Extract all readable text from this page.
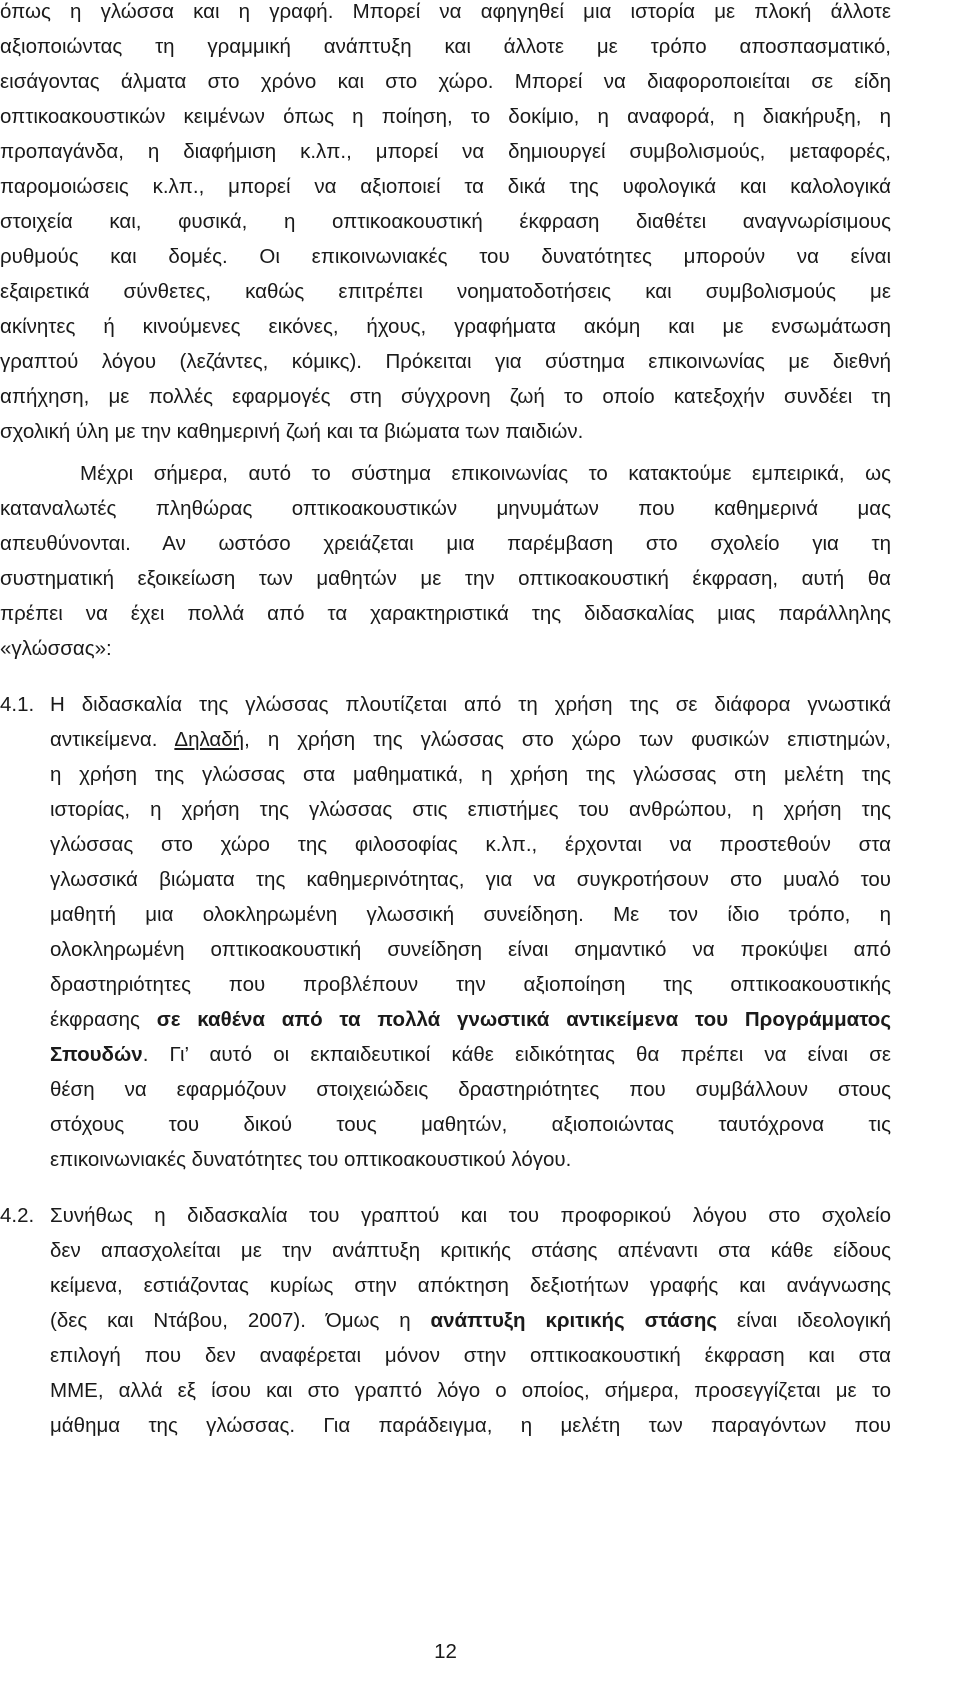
όπως η γλώσσα και η γραφή. Μπορεί να αφηγηθεί μια ιστορία με πλοκή άλλοτε
αξιοποιώντας τη γραμμική ανάπτυξη και άλλοτε με τρόπο αποσπασματικό,
εισάγοντας άλματα στο χρόνο και στο χώρο. Μπορεί να διαφοροποιείται σε είδη
οπτικοακουστικών κειμένων όπως η ποίηση, το δοκίμιο, η αναφορά, η διακήρυξη, η
προπαγάνδα, η διαφήμιση κ.λπ., μπορεί να δημιουργεί συμβολισμούς, μεταφορές,
παρομοιώσεις κ.λπ., μπορεί να αξιοποιεί τα δικά της υφολογικά και καλολογικά
στοιχεία και, φυσικά, η οπτικοακουστική έκφραση διαθέτει αναγνωρίσιμους
ρυθμούς και δομές. Οι επικοινωνιακές του δυνατότητες μπορούν να είναι
εξαιρετικά σύνθετες, καθώς επιτρέπει νοηματοδοτήσεις και συμβολισμούς με
ακίνητες ή κινούμενες εικόνες, ήχους, γραφήματα ακόμη και με ενσωμάτωση
γραπτού λόγου (λεζάντες, κόμικς). Πρόκειται για σύστημα επικοινωνίας με διεθνή
απήχηση, με πολλές εφαρμογές στη σύγχρονη ζωή το οποίο κατεξοχήν συνδέει τη
σχολική ύλη με την καθημερινή ζωή και τα βιώματα των παιδιών.
Μέχρι σήμερα, αυτό το σύστημα επικοινωνίας το κατακτούμε εμπειρικά, ως
καταναλωτές πληθώρας οπτικοακουστικών μηνυμάτων που καθημερινά μας
απευθύνονται. Αν ωστόσο χρειάζεται μια παρέμβαση στο σχολείο για τη
συστηματική εξοικείωση των μαθητών με την οπτικοακουστική έκφραση, αυτή θα
πρέπει να έχει πολλά από τα χαρακτηριστικά της διδασκαλίας μιας παράλληλης
«γλώσσας»:
4.1. Η διδασκαλία της γλώσσας πλουτίζεται από τη χρήση της σε διάφορα γνωστικά
αντικείμενα. Δηλαδή, η χρήση της γλώσσας στο χώρο των φυσικών επιστημών,
η χρήση της γλώσσας στα μαθηματικά, η χρήση της γλώσσας στη μελέτη της
ιστορίας, η χρήση της γλώσσας στις επιστήμες του ανθρώπου, η χρήση της
γλώσσας στο χώρο της φιλοσοφίας κ.λπ., έρχονται να προστεθούν στα
γλωσσικά βιώματα της καθημερινότητας, για να συγκροτήσουν στο μυαλό του
μαθητή μια ολοκληρωμένη γλωσσική συνείδηση. Με τον ίδιο τρόπο, η
ολοκληρωμένη οπτικοακουστική συνείδηση είναι σημαντικό να προκύψει από
δραστηριότητες που προβλέπουν την αξιοποίηση της οπτικοακουστικής
έκφρασης σε καθένα από τα πολλά γνωστικά αντικείμενα του Προγράμματος
Σπουδών. Γι’ αυτό οι εκπαιδευτικοί κάθε ειδικότητας θα πρέπει να είναι σε
θέση να εφαρμόζουν στοιχειώδεις δραστηριότητες που συμβάλλουν στους
στόχους του δικού τους μαθητών, αξιοποιώντας ταυτόχρονα τις
επικοινωνιακές δυνατότητες του οπτικοακουστικού λόγου.
4.2. Συνήθως η διδασκαλία του γραπτού και του προφορικού λόγου στο σχολείο
δεν απασχολείται με την ανάπτυξη κριτικής στάσης απέναντι στα κάθε είδους
κείμενα, εστιάζοντας κυρίως στην απόκτηση δεξιοτήτων γραφής και ανάγνωσης
(δες και Ντάβου, 2007). Όμως η ανάπτυξη κριτικής στάσης είναι ιδεολογική
επιλογή που δεν αναφέρεται μόνον στην οπτικοακουστική έκφραση και στα
ΜΜΕ, αλλά εξ ίσου και στο γραπτό λόγο ο οποίος, σήμερα, προσεγγίζεται με το
μάθημα της γλώσσας. Για παράδειγμα, η μελέτη των παραγόντων που
12
